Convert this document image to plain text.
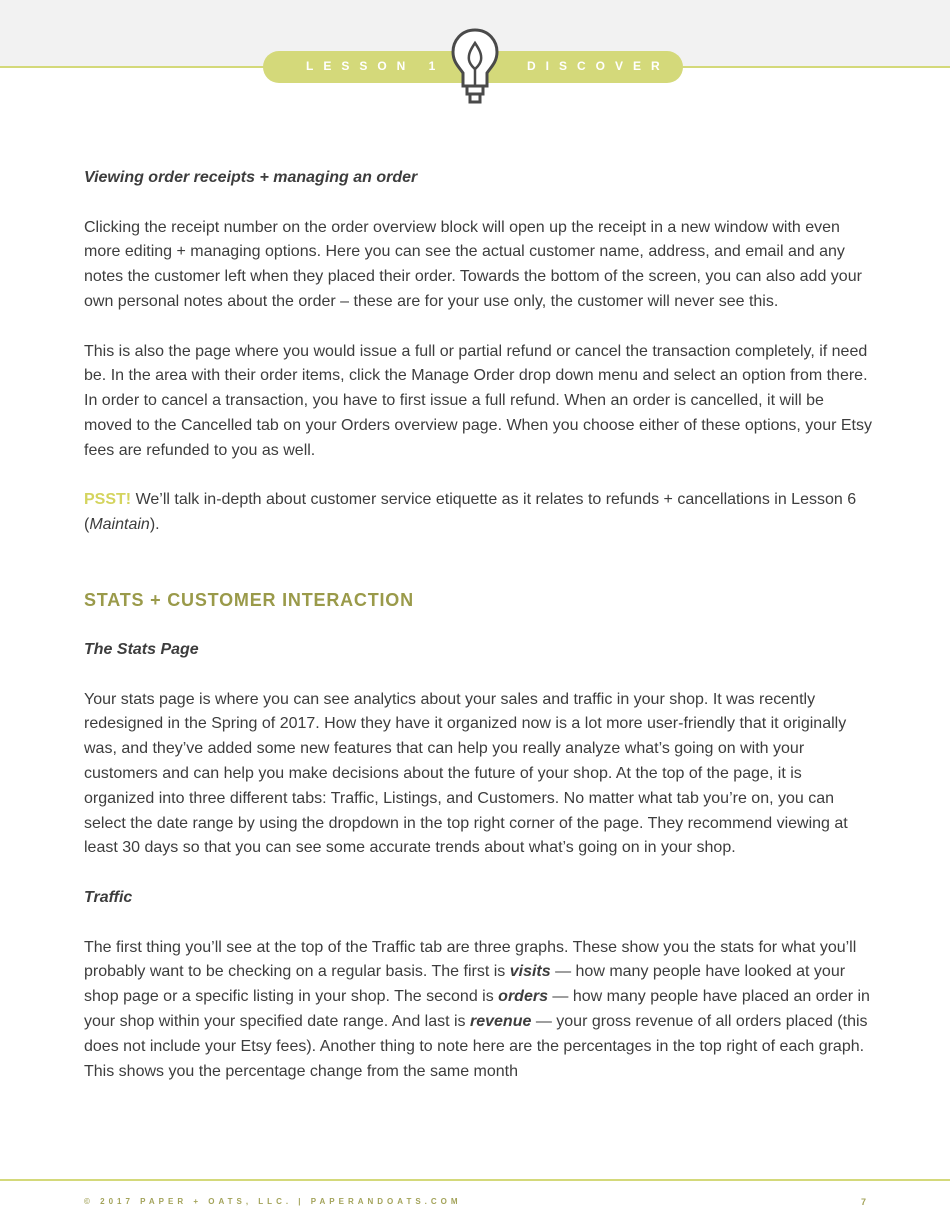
LESSON 1	DISCOVER

Viewing order receipts + managing an order

Clicking the receipt number on the order overview block will open up the receipt in a new window with even more editing + managing options. Here you can see the actual customer name, address, and email and any notes the customer left when they placed their order. Towards the bottom of the screen, you can also add your own personal notes about the order – these are for your use only, the customer will never see this.

This is also the page where you would issue a full or partial refund or cancel the transaction completely, if need be. In the area with their order items, click the Manage Order drop down menu and select an option from there. In order to cancel a transaction, you have to first issue a full refund. When an order is cancelled, it will be moved to the Cancelled tab on your Orders overview page. When you choose either of these options, your Etsy fees are refunded to you as well.

PSST! We’ll talk in-depth about customer service etiquette as it relates to refunds + cancellations in Lesson 6 (Maintain).

STATS + CUSTOMER INTERACTION

The Stats Page

Your stats page is where you can see analytics about your sales and traffic in your shop. It was recently redesigned in the Spring of 2017. How they have it organized now is a lot more user-friendly that it originally was, and they’ve added some new features that can help you really analyze what’s going on with your customers and can help you make decisions about the future of your shop. At the top of the page, it is organized into three different tabs: Traffic, Listings, and Customers. No matter what tab you’re on, you can select the date range by using the dropdown in the top right corner of the page. They recommend viewing at least 30 days so that you can see some accurate trends about what’s going on in your shop.

Traffic

The first thing you’ll see at the top of the Traffic tab are three graphs. These show you the stats for what you’ll probably want to be checking on a regular basis. The first is visits — how many people have looked at your shop page or a specific listing in your shop. The second is orders — how many people have placed an order in your shop within your specified date range. And last is revenue — your gross revenue of all orders placed (this does not include your Etsy fees). Another thing to note here are the percentages in the top right of each graph. This shows you the percentage change from the same month

© 2017 PAPER + OATS, LLC. | PAPERANDOATS.COM	7
